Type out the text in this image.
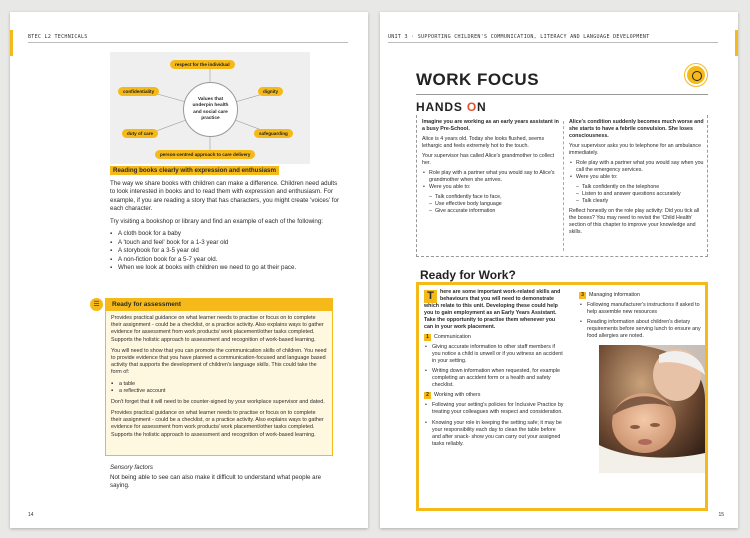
BTEC L2 TECHNICALS
respect for the individual
confidentiality	dignity
duty of care	safeguarding
person-centred approach to care delivery
Values that underpin health and social care practice

Reading books clearly with expression and enthusiasm

The way we share books with children can make a difference. Children need adults to look interested in books and to read them with expression and enthusiasm. For example, if you are reading a story that has characters, you might create 'voices' for each character.

Try visiting a bookshop or library and find an example of each of the following:

▪ A cloth book for a baby
▪ A 'touch and feel' book for a 1-3 year old
▪ A storybook for a 3-5 year old
▪ A non-fiction book for a 5-7 year old.
▪ When we look at books with children we need to go at their pace.
☰	Ready for assessment

Provides practical guidance on what learner needs to practise or focus on to complete their assignment - could be a checklist, or a practice activity. Also explains ways to gather evidence for assessment from work products/ work placement/other tasks completed. Supports the holistic approach to assessment and recognition of work-based learning.

You will need to show that you can promote the communication skills of children. You need to provide evidence that you have planned a communication-focused and language based activity that supports the development of children's language skills. This could take the form of:

▪ a table
▪ a reflective account

Don't forget that it will need to be counter-signed by your workplace supervisor and dated.

Provides practical guidance on what learner needs to practise or focus on to complete their assignment - could be a checklist, or a practice activity. Also explains ways to gather evidence for assessment from work products/ work placement/other tasks completed. Supports the holistic approach to assessment and recognition of work-based learning.

Sensory factors

Not being able to see can also make it difficult to understand what people are saying.

14
UNIT 3 · SUPPORTING CHILDREN'S COMMUNICATION, LITERACY AND LANGUAGE DEVELOPMENT
WORK FOCUS
HANDS ON

Imagine you are working as an early years assistant in a busy Pre-School.

Alice is 4 years old. Today she looks flushed, seems lethargic and feels extremely hot to the touch.

Your supervisor has called Alice's grandmother to collect her.

• Role play with a partner what you would say to Alice's grandmother when she arrives.
• Were you able to:
– Talk confidently face to face,
– Use effective body language
– Give accurate information

Alice's condition suddenly becomes much worse and she starts to have a febrile convulsion. She loses consciousness.

Your supervisor asks you to telephone for an ambulance immediately.

• Role play with a partner what you would say when you call the emergency services.
• Were you able to:
– Talk confidently on the telephone
– Listen to and answer questions accurately
– Talk clearly

Reflect honestly on the role play activity: Did you tick all the boxes? You may need to revisit the 'Child Health' section of this chapter to improve your knowledge and skills.

Ready for Work?

T	here are some important work-related skills and behaviours that you will need to demonstrate which relate to this unit. Developing these could help you to gain employment as an Early Years Assistant. Take the opportunity to practise them whenever you can in your work placement.

1 Communication

• Giving accurate information to other staff members if you notice a child is unwell or if you witness an accident in your setting.
• Writing down information when requested, for example completing an accident form or a health and safety checklist.

2 Working with others

• Following your setting's policies for Inclusive Practice by treating your colleagues with respect and consideration.
• Knowing your role in keeping the setting safe; it may be your responsibility each day to clean the table before and after snack- show you can carry out your assigned tasks reliably.

3 Managing information

• Following manufacturer's instructions if asked to help assemble new resources
• Reading information about children's dietary requirements before serving lunch to ensure any food allergies are noted.
15
